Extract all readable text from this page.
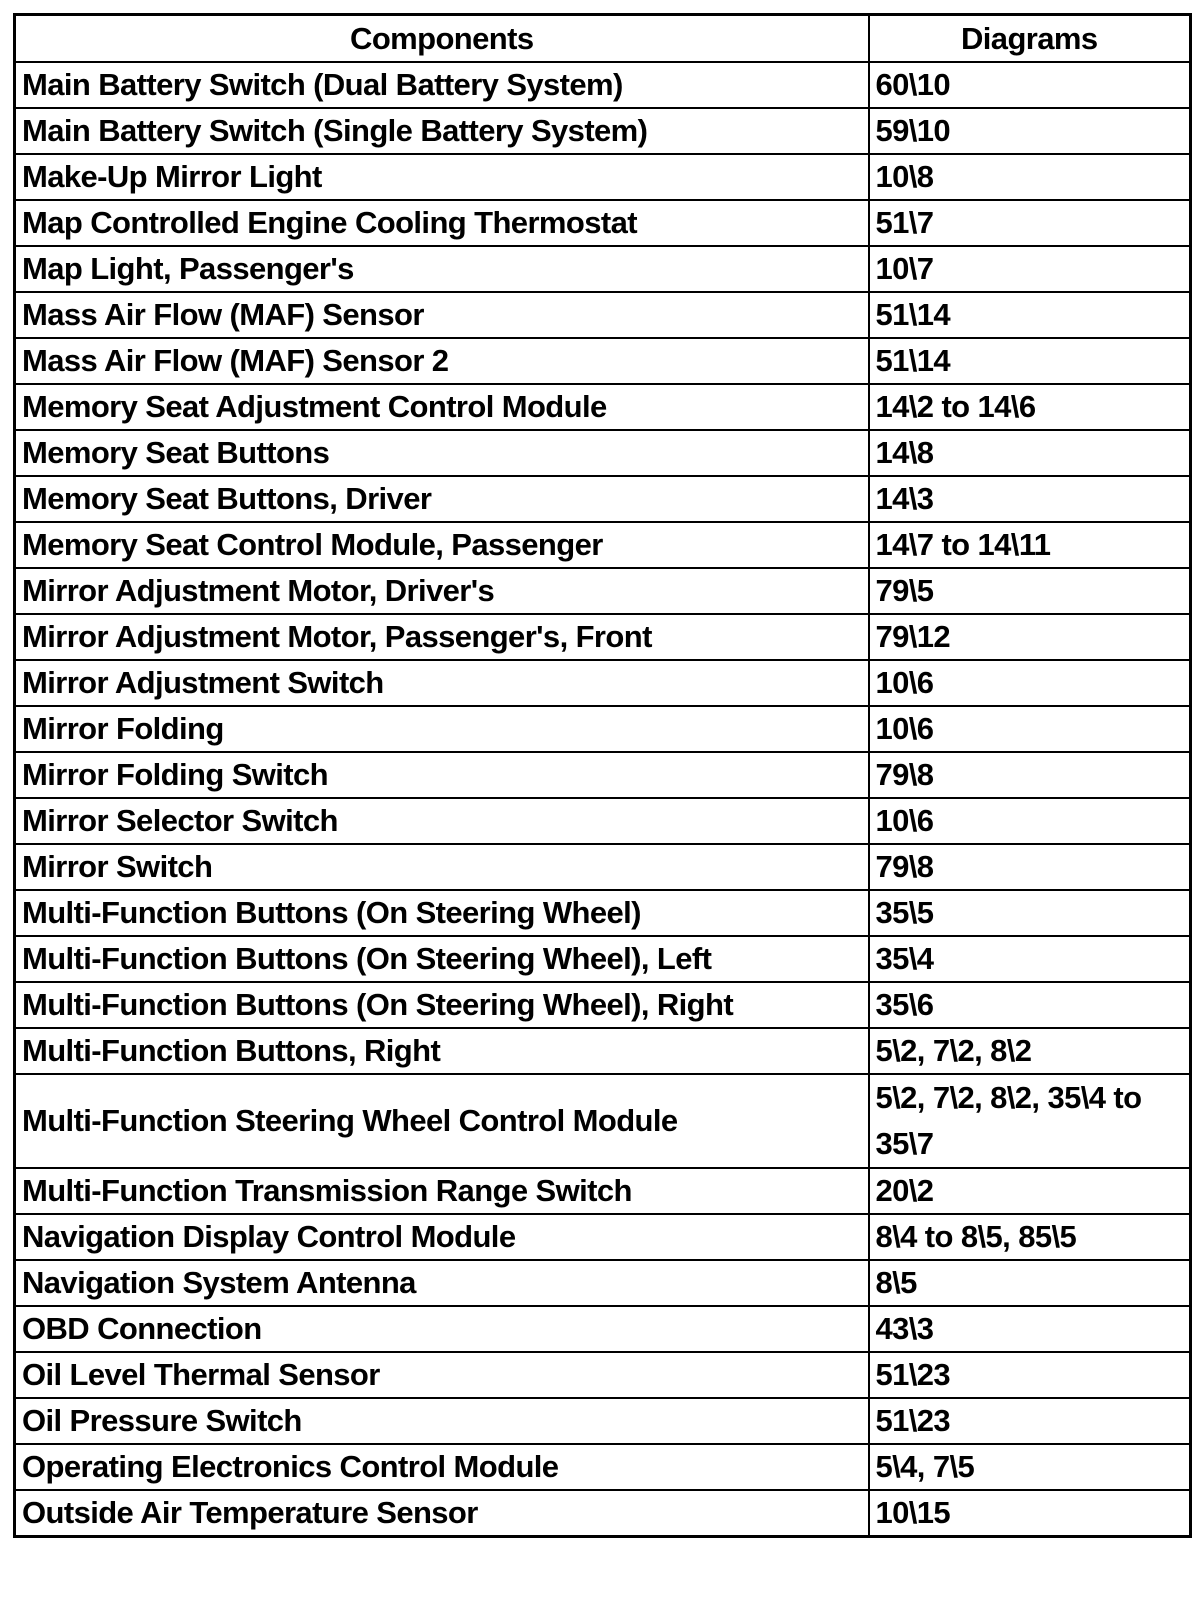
Components	Diagrams
Main Battery Switch (Dual Battery System)	60\10
Main Battery Switch (Single Battery System)	59\10
Make-Up Mirror Light	10\8
Map Controlled Engine Cooling Thermostat	51\7
Map Light, Passenger's	10\7
Mass Air Flow (MAF) Sensor	51\14
Mass Air Flow (MAF) Sensor 2	51\14
Memory Seat Adjustment Control Module	14\2 to 14\6
Memory Seat Buttons	14\8
Memory Seat Buttons, Driver	14\3
Memory Seat Control Module, Passenger	14\7 to 14\11
Mirror Adjustment Motor, Driver's	79\5
Mirror Adjustment Motor, Passenger's, Front	79\12
Mirror Adjustment Switch	10\6
Mirror Folding	10\6
Mirror Folding Switch	79\8
Mirror Selector Switch	10\6
Mirror Switch	79\8
Multi-Function Buttons (On Steering Wheel)	35\5
Multi-Function Buttons (On Steering Wheel), Left	35\4
Multi-Function Buttons (On Steering Wheel), Right	35\6
Multi-Function Buttons, Right	5\2, 7\2, 8\2
Multi-Function Steering Wheel Control Module	5\2, 7\2, 8\2, 35\4 to 35\7
Multi-Function Transmission Range Switch	20\2
Navigation Display Control Module	8\4 to 8\5, 85\5
Navigation System Antenna	8\5
OBD Connection	43\3
Oil Level Thermal Sensor	51\23
Oil Pressure Switch	51\23
Operating Electronics Control Module	5\4, 7\5
Outside Air Temperature Sensor	10\15
